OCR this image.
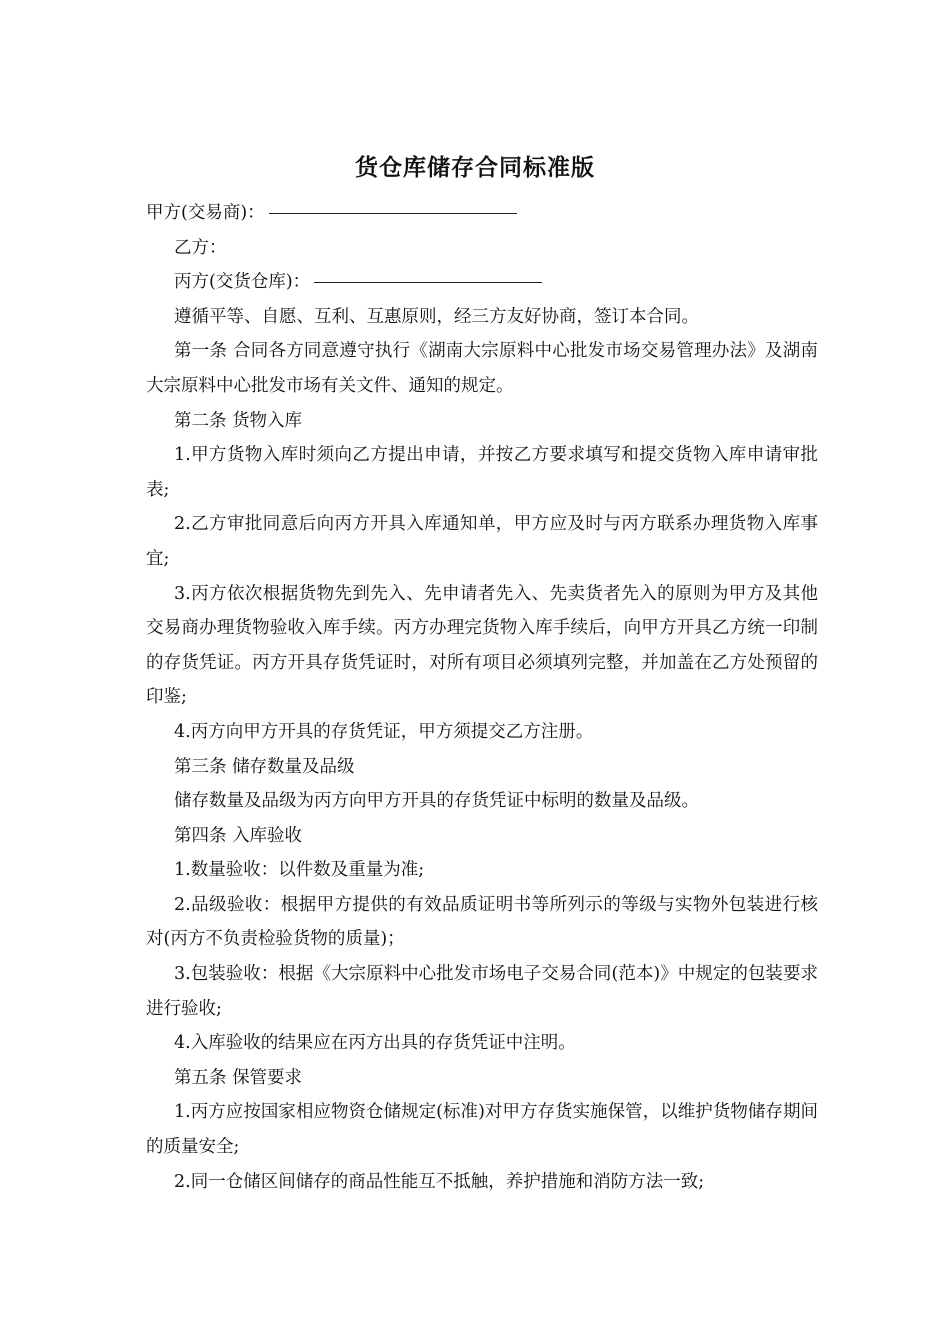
货仓库储存合同标准版

甲方(交易商)：

乙方：

丙方(交货仓库)：

遵循平等、自愿、互利、互惠原则，经三方友好协商，签订本合同。

第一条 合同各方同意遵守执行《湖南大宗原料中心批发市场交易管理办法》及湖南大宗原料中心批发市场有关文件、通知的规定。

第二条 货物入库

1.甲方货物入库时须向乙方提出申请，并按乙方要求填写和提交货物入库申请审批表;

2.乙方审批同意后向丙方开具入库通知单，甲方应及时与丙方联系办理货物入库事宜;

3.丙方依次根据货物先到先入、先申请者先入、先卖货者先入的原则为甲方及其他交易商办理货物验收入库手续。丙方办理完货物入库手续后，向甲方开具乙方统一印制的存货凭证。丙方开具存货凭证时，对所有项目必须填列完整，并加盖在乙方处预留的印鉴;

4.丙方向甲方开具的存货凭证，甲方须提交乙方注册。

第三条 储存数量及品级

储存数量及品级为丙方向甲方开具的存货凭证中标明的数量及品级。

第四条 入库验收

1.数量验收：以件数及重量为准;

2.品级验收：根据甲方提供的有效品质证明书等所列示的等级与实物外包装进行核对(丙方不负责检验货物的质量)；

3.包装验收：根据《大宗原料中心批发市场电子交易合同(范本)》中规定的包装要求进行验收;

4.入库验收的结果应在丙方出具的存货凭证中注明。

第五条 保管要求

1.丙方应按国家相应物资仓储规定(标准)对甲方存货实施保管，以维护货物储存期间的质量安全;

2.同一仓储区间储存的商品性能互不抵触，养护措施和消防方法一致;
